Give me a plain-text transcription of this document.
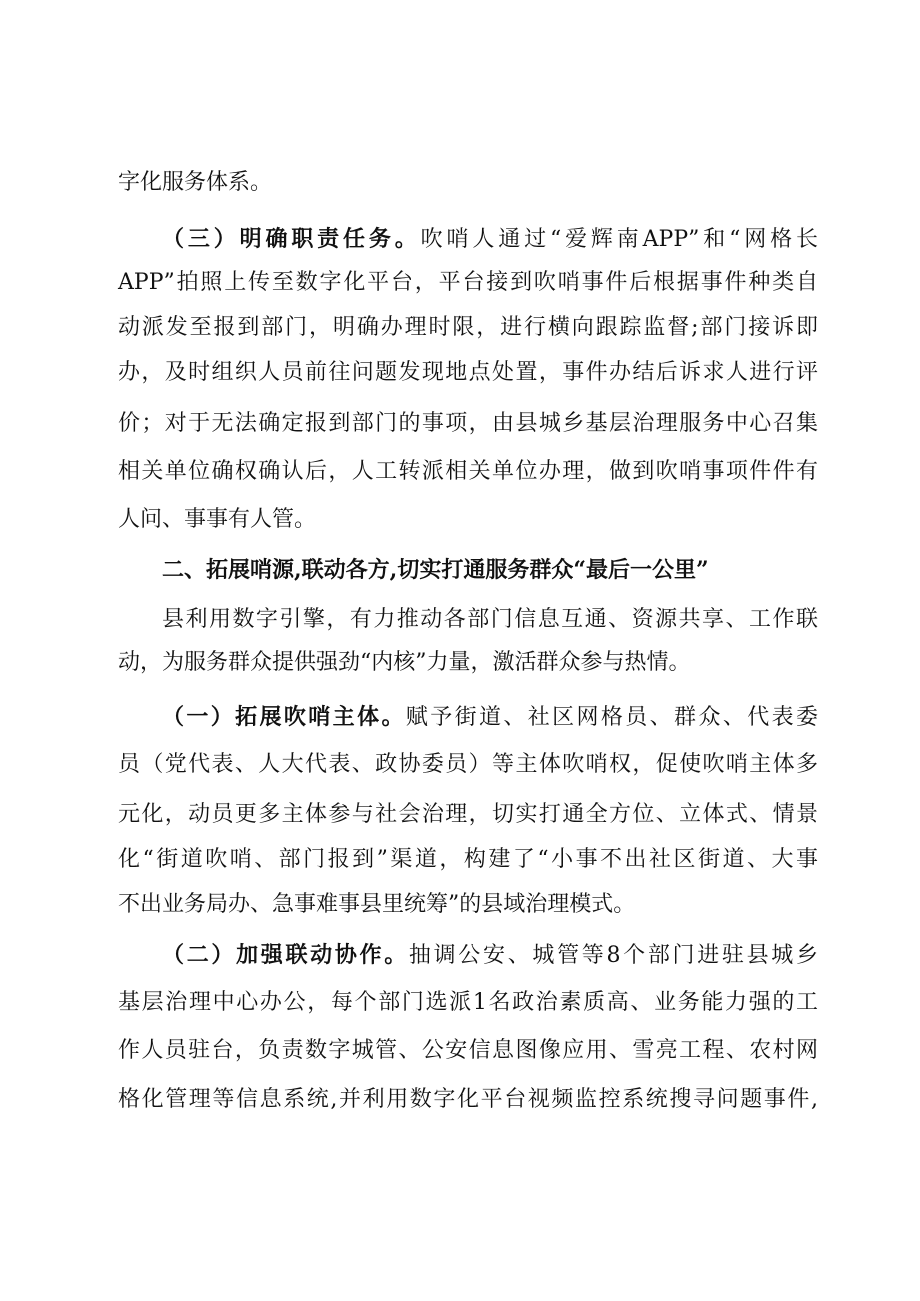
字化服务体系。
（三）明确职责任务。吹哨人通过“爱辉南APP”和“网格长
APP”拍照上传至数字化平台，平台接到吹哨事件后根据事件种类自
动派发至报到部门，明确办理时限，进行横向跟踪监督;部门接诉即
办，及时组织人员前往问题发现地点处置，事件办结后诉求人进行评
价；对于无法确定报到部门的事项，由县城乡基层治理服务中心召集
相关单位确权确认后，人工转派相关单位办理，做到吹哨事项件件有
人问、事事有人管。
二、拓展哨源,联动各方,切实打通服务群众“最后一公里”
县利用数字引擎，有力推动各部门信息互通、资源共享、工作联
动，为服务群众提供强劲“内核”力量，激活群众参与热情。
（一）拓展吹哨主体。赋予街道、社区网格员、群众、代表委
员（党代表、人大代表、政协委员）等主体吹哨权，促使吹哨主体多
元化，动员更多主体参与社会治理，切实打通全方位、立体式、情景
化“街道吹哨、部门报到”渠道，构建了“小事不出社区街道、大事
不出业务局办、急事难事县里统筹”的县域治理模式。
（二）加强联动协作。抽调公安、城管等8个部门进驻县城乡
基层治理中心办公，每个部门选派1名政治素质高、业务能力强的工
作人员驻台，负责数字城管、公安信息图像应用、雪亮工程、农村网
格化管理等信息系统,并利用数字化平台视频监控系统搜寻问题事件,
